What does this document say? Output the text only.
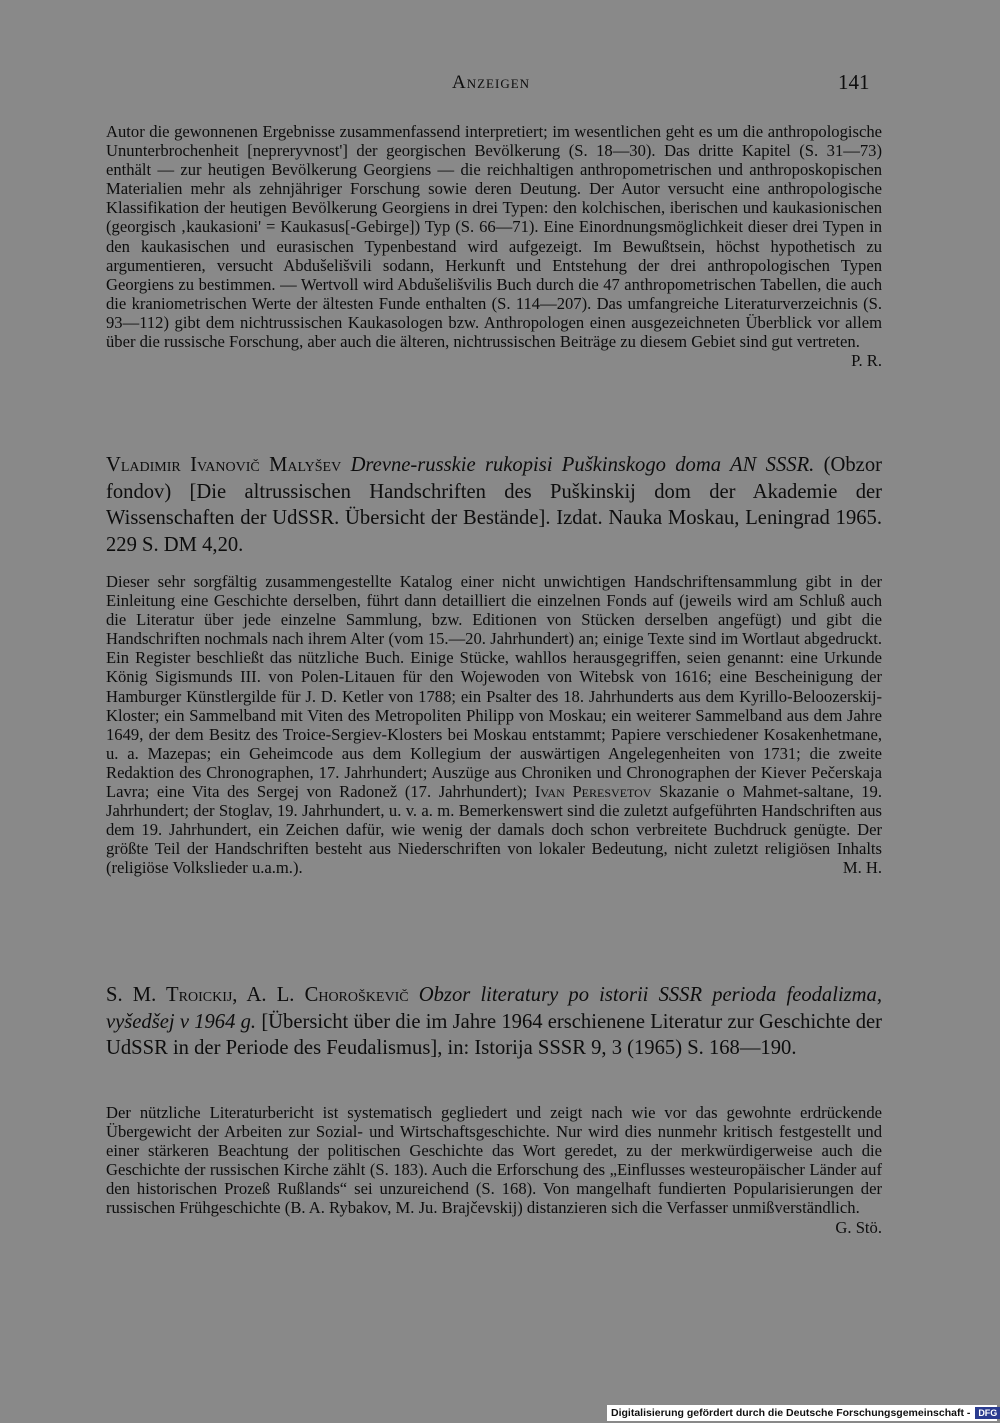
Anzeigen	141

Autor die gewonnenen Ergebnisse zusammenfassend interpretiert; im wesentlichen geht es um die anthropologische Ununterbrochenheit [nepreryvnost'] der georgischen Bevölkerung (S. 18—30). Das dritte Kapitel (S. 31—73) enthält — zur heutigen Bevölkerung Georgiens — die reichhaltigen anthropometrischen und anthroposkopischen Materialien mehr als zehnjähriger Forschung sowie deren Deutung. Der Autor versucht eine anthropologische Klassifikation der heutigen Bevölkerung Georgiens in drei Typen: den kolchischen, iberischen und kaukasionischen (georgisch ‚kaukasioni' = Kaukasus[-Gebirge]) Typ (S. 66—71). Eine Einordnungsmöglichkeit dieser drei Typen in den kaukasischen und eurasischen Typenbestand wird aufgezeigt. Im Bewußtsein, höchst hypothetisch zu argumentieren, versucht Abdušelišvili sodann, Herkunft und Entstehung der drei anthropologischen Typen Georgiens zu bestimmen. — Wertvoll wird Abdušelišvilis Buch durch die 47 anthropometrischen Tabellen, die auch die kraniometrischen Werte der ältesten Funde enthalten (S. 114—207). Das umfangreiche Literaturverzeichnis (S. 93—112) gibt dem nichtrussischen Kaukasologen bzw. Anthropologen einen ausgezeichneten Überblick vor allem über die russische Forschung, aber auch die älteren, nichtrussischen Beiträge zu diesem Gebiet sind gut vertreten.
P. R.

Vladimir Ivanovič Malyšev Drevne-russkie rukopisi Puškinskogo doma AN SSSR. (Obzor fondov) [Die altrussischen Handschriften des Puškinskij dom der Akademie der Wissenschaften der UdSSR. Übersicht der Bestände]. Izdat. Nauka Moskau, Leningrad 1965. 229 S. DM 4,20.

Dieser sehr sorgfältig zusammengestellte Katalog einer nicht unwichtigen Handschriftensammlung gibt in der Einleitung eine Geschichte derselben, führt dann detailliert die einzelnen Fonds auf (jeweils wird am Schluß auch die Literatur über jede einzelne Sammlung, bzw. Editionen von Stücken derselben angefügt) und gibt die Handschriften nochmals nach ihrem Alter (vom 15.—20. Jahrhundert) an; einige Texte sind im Wortlaut abgedruckt. Ein Register beschließt das nützliche Buch. Einige Stücke, wahllos herausgegriffen, seien genannt: eine Urkunde König Sigismunds III. von Polen-Litauen für den Wojewoden von Witebsk von 1616; eine Bescheinigung der Hamburger Künstlergilde für J. D. Ketler von 1788; ein Psalter des 18. Jahrhunderts aus dem Kyrillo-Beloozerskij-Kloster; ein Sammelband mit Viten des Metropoliten Philipp von Moskau; ein weiterer Sammelband aus dem Jahre 1649, der dem Besitz des Troice-Sergiev-Klosters bei Moskau entstammt; Papiere verschiedener Kosakenhetmane, u. a. Mazepas; ein Geheimcode aus dem Kollegium der auswärtigen Angelegenheiten von 1731; die zweite Redaktion des Chronographen, 17. Jahrhundert; Auszüge aus Chroniken und Chronographen der Kiever Pečerskaja Lavra; eine Vita des Sergej von Radonež (17. Jahrhundert); Ivan Peresvetov Skazanie o Mahmet-saltane, 19. Jahrhundert; der Stoglav, 19. Jahrhundert, u. v. a. m. Bemerkenswert sind die zuletzt aufgeführten Handschriften aus dem 19. Jahrhundert, ein Zeichen dafür, wie wenig der damals doch schon verbreitete Buchdruck genügte. Der größte Teil der Handschriften besteht aus Niederschriften von lokaler Bedeutung, nicht zuletzt religiösen Inhalts (religiöse Volkslieder u.a.m.).	M. H.

S. M. Troickij, A. L. Choroškevič Obzor literatury po istorii SSSR perioda feodalizma, vyšedšej v 1964 g. [Übersicht über die im Jahre 1964 erschienene Literatur zur Geschichte der UdSSR in der Periode des Feudalismus], in: Istorija SSSR 9, 3 (1965) S. 168—190.

Der nützliche Literaturbericht ist systematisch gegliedert und zeigt nach wie vor das gewohnte erdrückende Übergewicht der Arbeiten zur Sozial- und Wirtschaftsgeschichte. Nur wird dies nunmehr kritisch festgestellt und einer stärkeren Beachtung der politischen Geschichte das Wort geredet, zu der merkwürdigerweise auch die Geschichte der russischen Kirche zählt (S. 183). Auch die Erforschung des „Einflusses westeuropäischer Länder auf den historischen Prozeß Rußlands“ sei unzureichend (S. 168). Von mangelhaft fundierten Popularisierungen der russischen Frühgeschichte (B. A. Rybakov, M. Ju. Brajčevskij) distanzieren sich die Verfasser unmißverständlich.
G. Stö.

Digitalisierung gefördert durch die Deutsche Forschungsgemeinschaft - DFG
